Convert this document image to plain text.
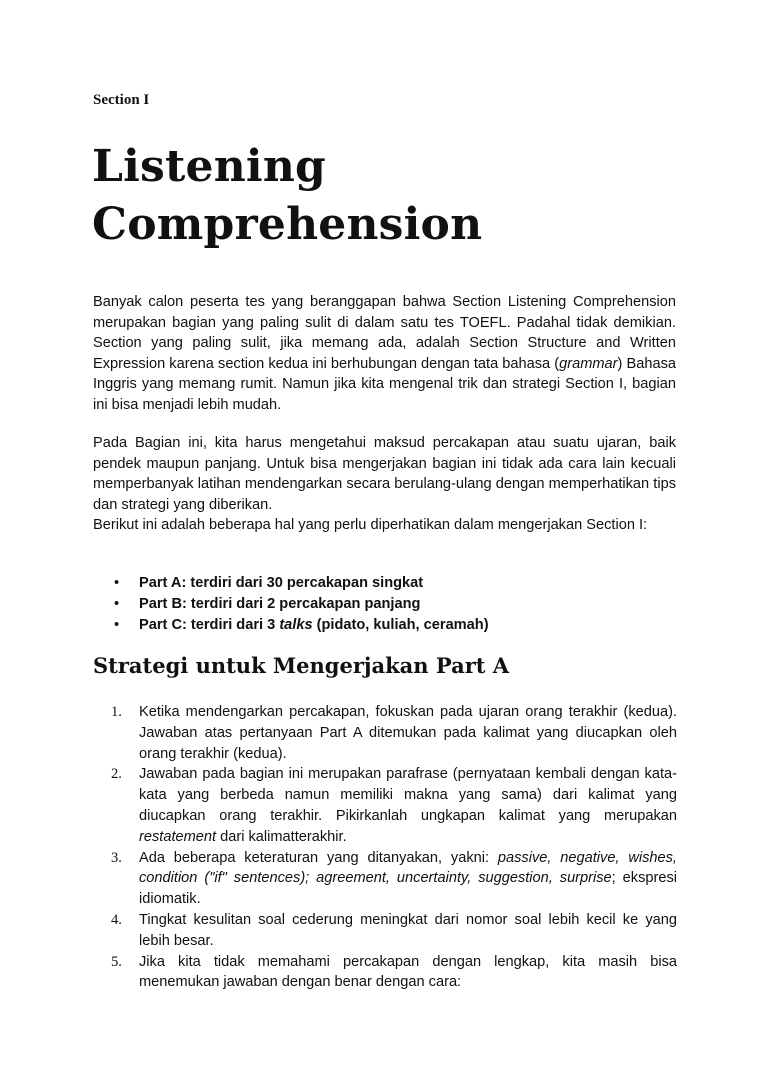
Section I
Listening
Comprehension

Banyak calon peserta tes yang beranggapan bahwa Section Listening Comprehension merupakan bagian yang paling sulit di dalam satu tes TOEFL. Padahal tidak demikian. Section yang paling sulit, jika memang ada, adalah Section Structure and Written Expression karena section kedua ini berhubungan dengan tata bahasa (grammar) Bahasa Inggris yang memang rumit. Namun jika kita mengenal trik dan strategi Section I, bagian ini bisa menjadi lebih mudah.

Pada Bagian ini, kita harus mengetahui maksud percakapan atau suatu ujaran, baik pendek maupun panjang. Untuk bisa mengerjakan bagian ini tidak ada cara lain kecuali memperbanyak latihan mendengarkan secara berulang-ulang dengan memperhatikan tips dan strategi yang diberikan.

Berikut ini adalah beberapa hal yang perlu diperhatikan dalam mengerjakan Section I:

• Part A: terdiri dari 30 percakapan singkat
• Part B: terdiri dari 2 percakapan panjang
• Part C: terdiri dari 3 talks (pidato, kuliah, ceramah)
Strategi untuk Mengerjakan Part A
1. Ketika mendengarkan percakapan, fokuskan pada ujaran orang terakhir (kedua). Jawaban atas pertanyaan Part A ditemukan pada kalimat yang diucapkan oleh orang terakhir (kedua).

2. Jawaban pada bagian ini merupakan parafrase (pernyataan kembali dengan kata-kata yang berbeda namun memiliki makna yang sama) dari kalimat yang diucapkan orang terakhir. Pikirkanlah ungkapan kalimat yang merupakan restatement dari kalimatterakhir.

3. Ada beberapa keteraturan yang ditanyakan, yakni: passive, negative, wishes, condition ("if" sentences); agreement, uncertainty, suggestion, surprise; ekspresi idiomatik.

4. Tingkat kesulitan soal cederung meningkat dari nomor soal lebih kecil ke yang lebih besar.

5. Jika kita tidak memahami percakapan dengan lengkap, kita masih bisa menemukan jawaban dengan benar dengan cara:
